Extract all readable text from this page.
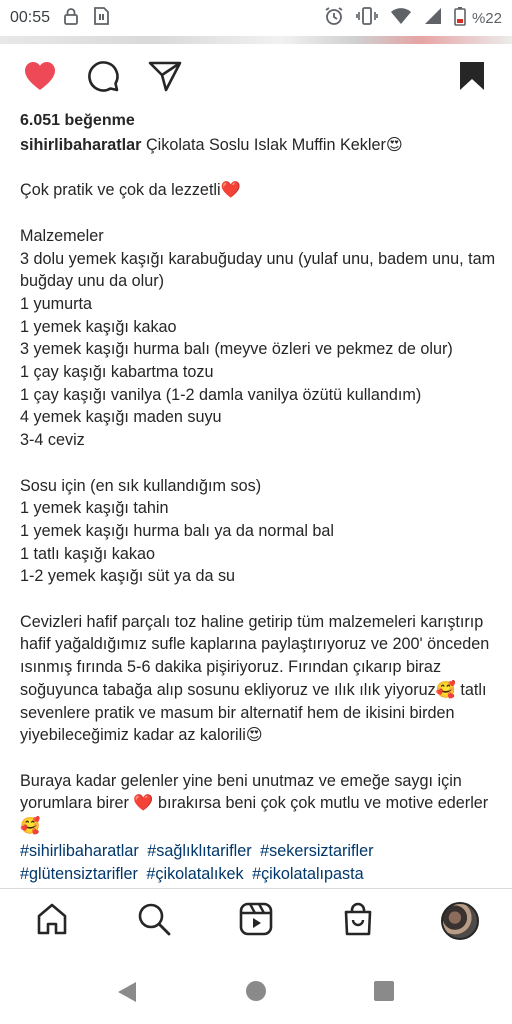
00:55	%22
6.051 beğenme
sihirlibaharatlar Çikolata Soslu Islak Muffin Kekler😍

Çok pratik ve çok da lezzetli❤️

Malzemeler
3 dolu yemek kaşığı karabuğuday unu (yulaf unu, badem unu, tam buğday unu da olur)
1 yumurta
1 yemek kaşığı kakao
3 yemek kaşığı hurma balı (meyve özleri ve pekmez de olur)
1 çay kaşığı kabartma tozu
1 çay kaşığı vanilya (1-2 damla vanilya özütü kullandım)
4 yemek kaşığı maden suyu
3-4 ceviz

Sosu için (en sık kullandığım sos)
1 yemek kaşığı tahin
1 yemek kaşığı hurma balı ya da normal bal
1 tatlı kaşığı kakao
1-2 yemek kaşığı süt ya da su

Cevizleri hafif parçalı toz haline getirip tüm malzemeleri karıştırıp hafif yağaldığımız sufle kaplarına paylaştırıyoruz ve 200' önceden ısınmış fırında 5-6 dakika pişiriyoruz. Fırından çıkarıp biraz soğuyunca tabağa alıp sosunu ekliyoruz ve ılık ılık yiyoruz🥰 tatlı sevenlere pratik ve masum bir alternatif hem de ikisini birden yiyebileceğimiz kadar az kalorili😍

Buraya kadar gelenler yine beni unutmaz ve emeğe saygı için yorumlara birer ❤️ bırakırsa beni çok çok mutlu ve motive ederler🥰
#sihirlibaharatlar #sağlıklıtarifler #sekersiztarifler #glütensiztarifler #çikolatalıkek #çikolatalıpasta
